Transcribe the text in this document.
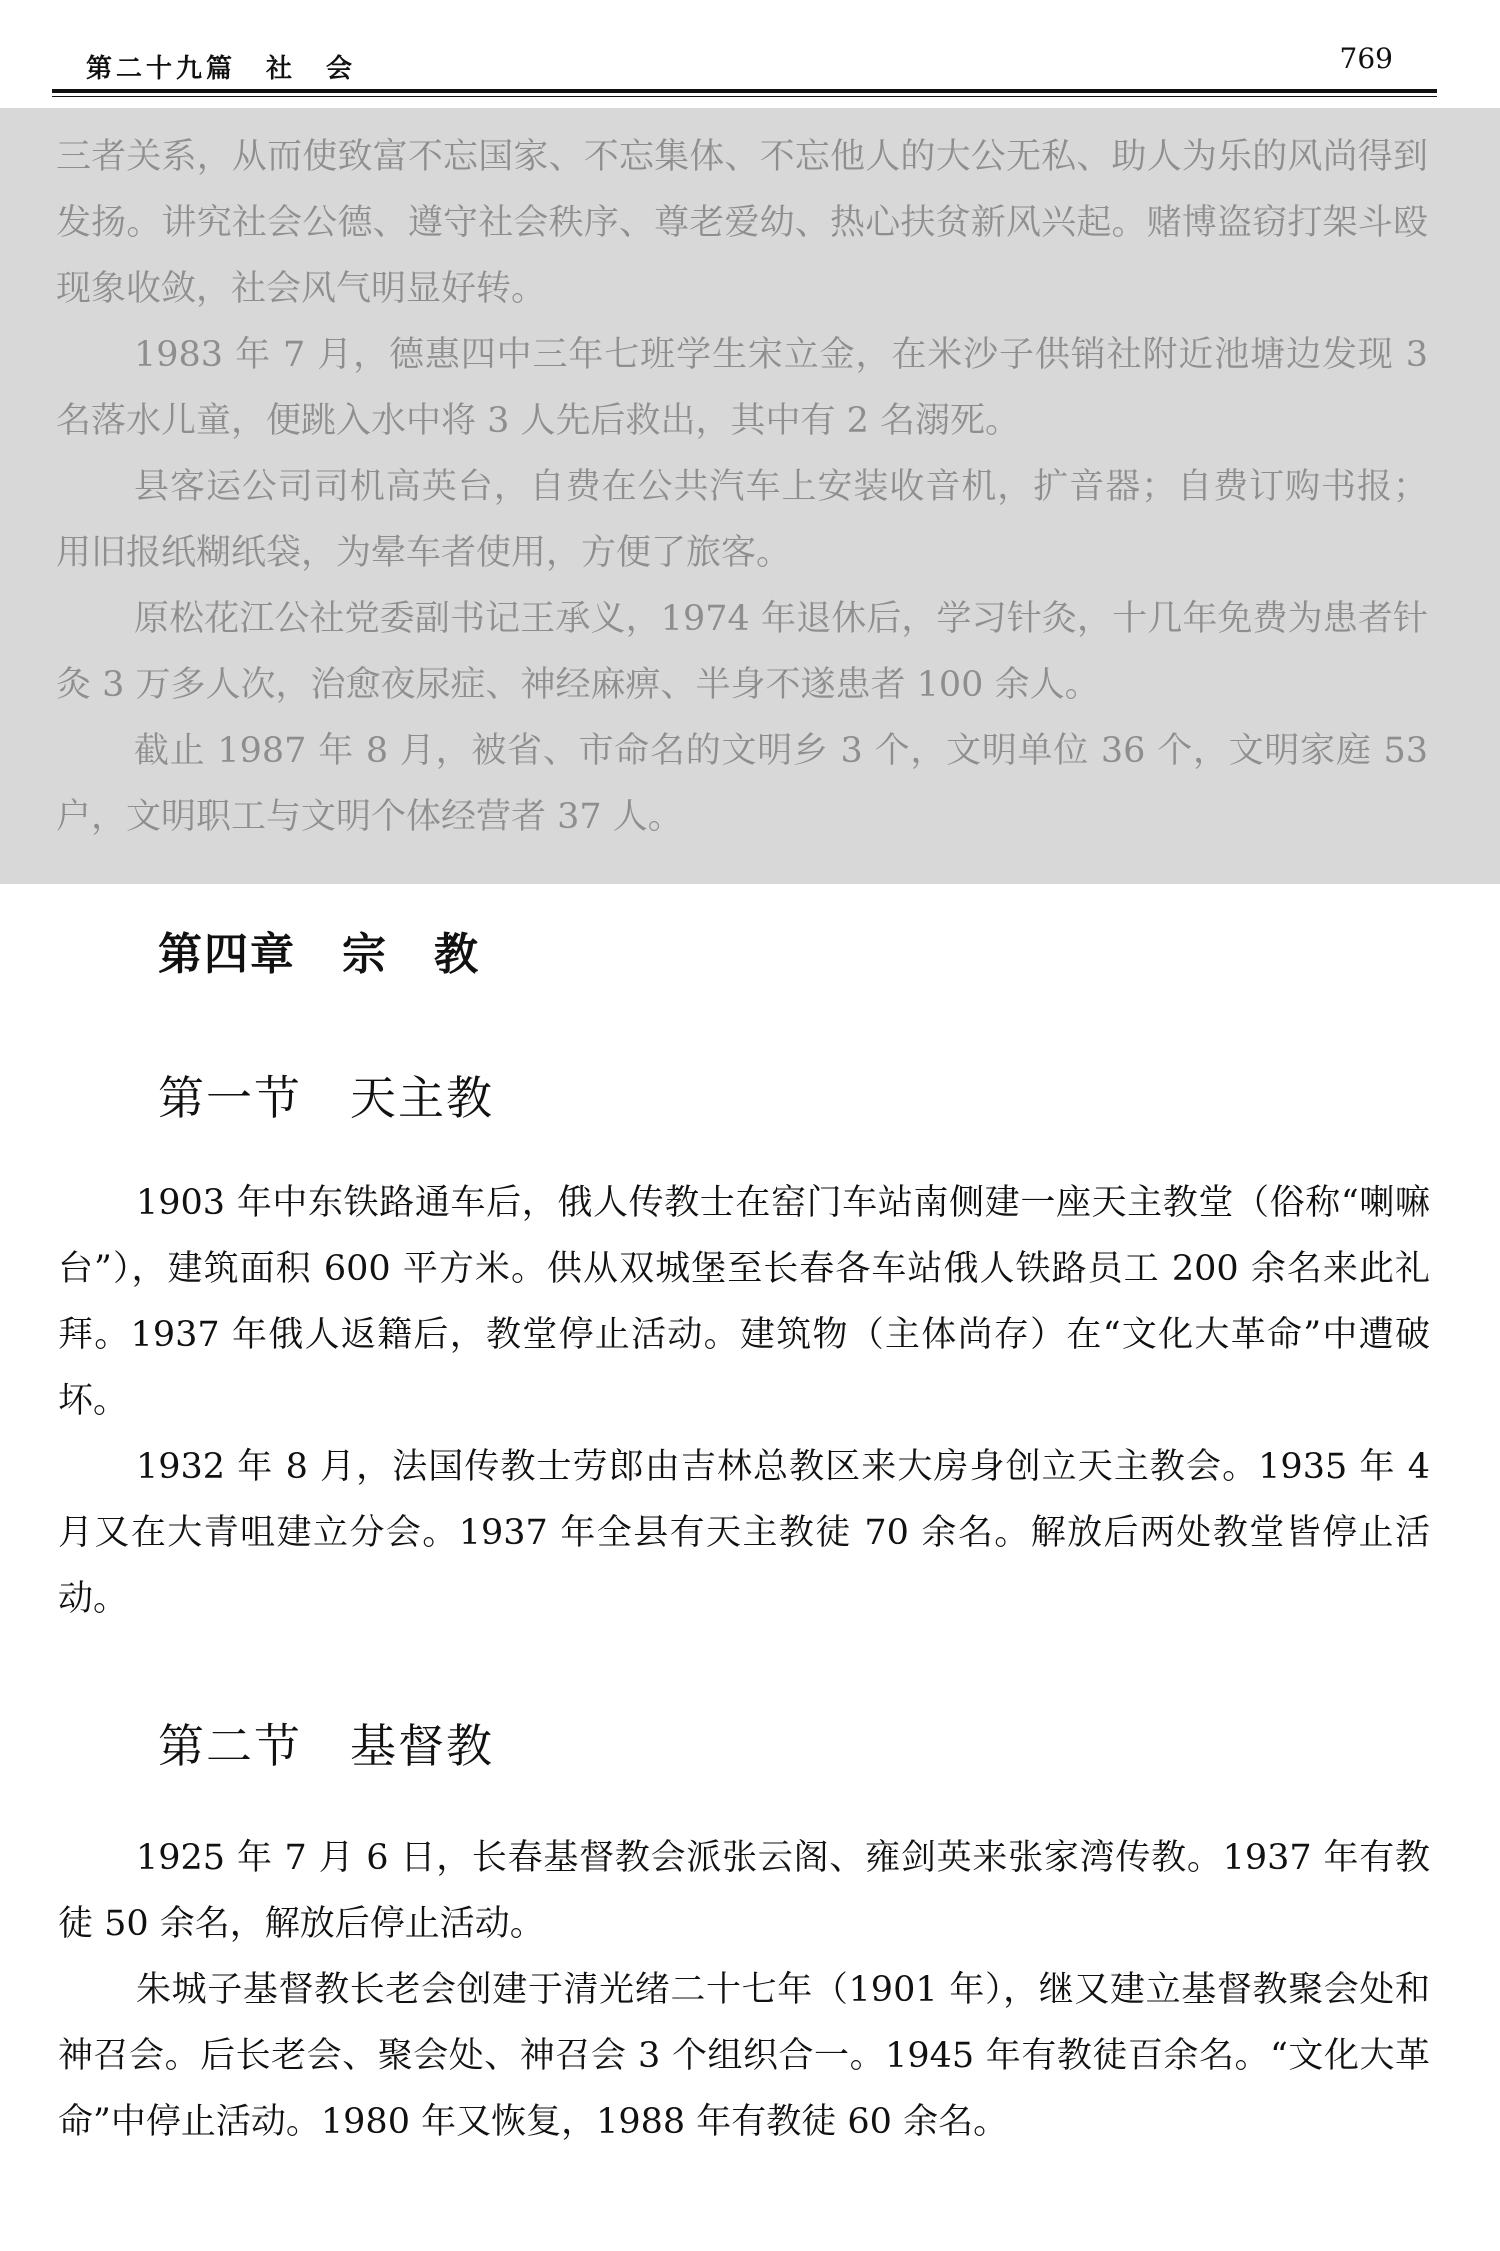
第二十九篇　社　会	769

三者关系，从而使致富不忘国家、不忘集体、不忘他人的大公无私、助人为乐的风尚得到发扬。讲究社会公德、遵守社会秩序、尊老爱幼、热心扶贫新风兴起。赌博盗窃打架斗殴现象收敛，社会风气明显好转。

1983 年 7 月，德惠四中三年七班学生宋立金，在米沙子供销社附近池塘边发现 3 名落水儿童，便跳入水中将 3 人先后救出，其中有 2 名溺死。

县客运公司司机高英台，自费在公共汽车上安装收音机，扩音器；自费订购书报；用旧报纸糊纸袋，为晕车者使用，方便了旅客。

原松花江公社党委副书记王承义，1974 年退休后，学习针灸，十几年免费为患者针灸 3 万多人次，治愈夜尿症、神经麻痹、半身不遂患者 100 余人。

截止 1987 年 8 月，被省、市命名的文明乡 3 个，文明单位 36 个，文明家庭 53 户，文明职工与文明个体经营者 37 人。

第四章　宗　教
第一节　天主教

1903 年中东铁路通车后，俄人传教士在窑门车站南侧建一座天主教堂（俗称“喇嘛台”），建筑面积 600 平方米。供从双城堡至长春各车站俄人铁路员工 200 余名来此礼拜。1937 年俄人返籍后，教堂停止活动。建筑物（主体尚存）在“文化大革命”中遭破坏。

1932 年 8 月，法国传教士劳郎由吉林总教区来大房身创立天主教会。1935 年 4 月又在大青咀建立分会。1937 年全县有天主教徒 70 余名。解放后两处教堂皆停止活动。

第二节　基督教

1925 年 7 月 6 日，长春基督教会派张云阁、雍剑英来张家湾传教。1937 年有教徒 50 余名，解放后停止活动。

朱城子基督教长老会创建于清光绪二十七年（1901 年），继又建立基督教聚会处和神召会。后长老会、聚会处、神召会 3 个组织合一。1945 年有教徒百余名。“文化大革命”中停止活动。1980 年又恢复，1988 年有教徒 60 余名。
